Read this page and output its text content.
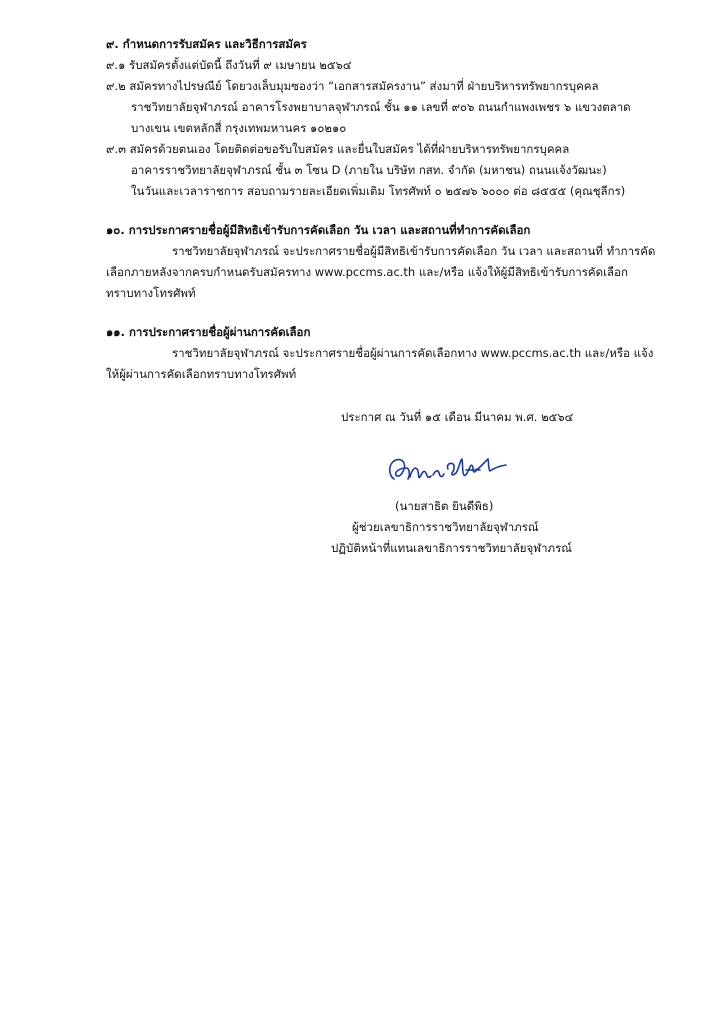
๙. กำหนดการรับสมัคร และวิธีการสมัคร
๙.๑ รับสมัครตั้งแต่บัดนี้ ถึงวันที่ ๙ เมษายน ๒๕๖๔
๙.๒ สมัครทางไปรษณีย์ โดยวงเล็บมุมซองว่า “เอกสารสมัครงาน” ส่งมาที่ ฝ่ายบริหารทรัพยากรบุคคล
ราชวิทยาลัยจุฬาภรณ์ อาคารโรงพยาบาลจุฬาภรณ์ ชั้น ๑๑ เลขที่ ๙๐๖ ถนนกำแพงเพชร ๖ แขวงตลาด
บางเขน เขตหลักสี่ กรุงเทพมหานคร ๑๐๒๑๐
๙.๓ สมัครด้วยตนเอง โดยติดต่อขอรับใบสมัคร และยื่นใบสมัคร ได้ที่ฝ่ายบริหารทรัพยากรบุคคล
อาคารราชวิทยาลัยจุฬาภรณ์ ชั้น ๓ โซน D (ภายใน บริษัท กสท. จำกัด (มหาชน) ถนนแจ้งวัฒนะ)
ในวันและเวลาราชการ สอบถามรายละเอียดเพิ่มเติม โทรศัพท์ ๐ ๒๕๗๖ ๖๐๐๐ ต่อ ๘๕๕๕ (คุณชุลีกร)
๑๐. การประกาศรายชื่อผู้มีสิทธิเข้ารับการคัดเลือก วัน เวลา และสถานที่ทำการคัดเลือก
ราชวิทยาลัยจุฬาภรณ์ จะประกาศรายชื่อผู้มีสิทธิเข้ารับการคัดเลือก วัน เวลา และสถานที่ ทำการคัด
เลือกภายหลังจากครบกำหนดรับสมัครทาง www.pccms.ac.th และ/หรือ แจ้งให้ผู้มีสิทธิเข้ารับการคัดเลือก
ทราบทางโทรศัพท์
๑๑. การประกาศรายชื่อผู้ผ่านการคัดเลือก
ราชวิทยาลัยจุฬาภรณ์ จะประกาศรายชื่อผู้ผ่านการคัดเลือกทาง www.pccms.ac.th และ/หรือ แจ้ง
ให้ผู้ผ่านการคัดเลือกทราบทางโทรศัพท์
ประกาศ ณ วันที่ ๑๕ เดือน มีนาคม พ.ศ. ๒๕๖๔
(นายสาธิต ยินดีพิธ)
ผู้ช่วยเลขาธิการราชวิทยาลัยจุฬาภรณ์
ปฏิบัติหน้าที่แทนเลขาธิการราชวิทยาลัยจุฬาภรณ์
